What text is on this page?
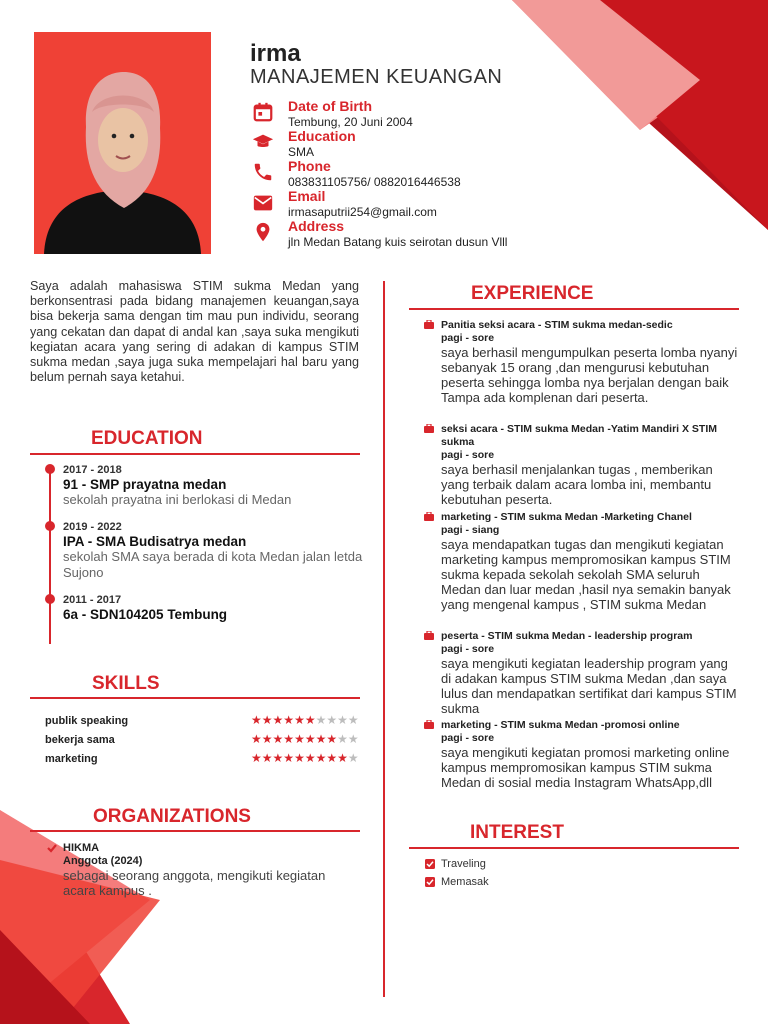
irma
MANAJEMEN KEUANGAN
Date of Birth
Tembung, 20 Juni 2004
Education
SMA
Phone
083831105756/ 0882016446538
Email
irmasaputrii254@gmail.com
Address
jln Medan Batang kuis seirotan dusun Vlll
Saya adalah mahasiswa STIM sukma Medan yang berkonsentrasi pada bidang manajemen keuangan,saya bisa bekerja sama dengan tim mau pun individu, seorang yang cekatan dan dapat di andal kan ,saya suka mengikuti kegiatan acara yang sering di adakan di kampus STIM sukma medan ,saya juga suka mempelajari hal baru yang belum pernah saya ketahui.
EDUCATION
2017 - 2018
91 - SMP prayatna medan
sekolah prayatna ini berlokasi di Medan
2019 - 2022
IPA - SMA Budisatrya medan
sekolah SMA saya berada di kota Medan jalan letda Sujono
2011 - 2017
6a - SDN104205 Tembung
SKILLS
publik speaking	★★★★★★★★★★
bekerja sama	★★★★★★★★★★
marketing	★★★★★★★★★★
ORGANIZATIONS
HIKMA
Anggota (2024)
sebagai seorang anggota, mengikuti kegiatan acara kampus .
EXPERIENCE
Panitia seksi acara - STIM sukma medan-sedic
pagi - sore
saya berhasil mengumpulkan peserta lomba nyanyi sebanyak 15 orang ,dan mengurusi kebutuhan peserta sehingga lomba nya berjalan dengan baik Tampa ada komplenan dari peserta.
seksi acara - STIM sukma Medan -Yatim Mandiri X STIM sukma
pagi - sore
saya berhasil menjalankan tugas , memberikan yang terbaik dalam acara lomba ini, membantu kebutuhan peserta.
marketing - STIM sukma Medan -Marketing Chanel
pagi - siang
saya mendapatkan tugas dan mengikuti kegiatan marketing kampus mempromosikan kampus STIM sukma kepada sekolah sekolah SMA seluruh Medan dan luar medan ,hasil nya semakin banyak yang mengenal kampus , STIM sukma Medan
peserta - STIM sukma Medan - leadership program
pagi - sore
saya mengikuti kegiatan leadership program yang di adakan kampus STIM sukma Medan ,dan saya lulus dan mendapatkan sertifikat dari kampus STIM sukma
marketing - STIM sukma Medan -promosi online
pagi - sore
saya mengikuti kegiatan promosi marketing online kampus mempromosikan kampus STIM sukma Medan di sosial media Instagram WhatsApp,dll
INTEREST
Traveling
Memasak
